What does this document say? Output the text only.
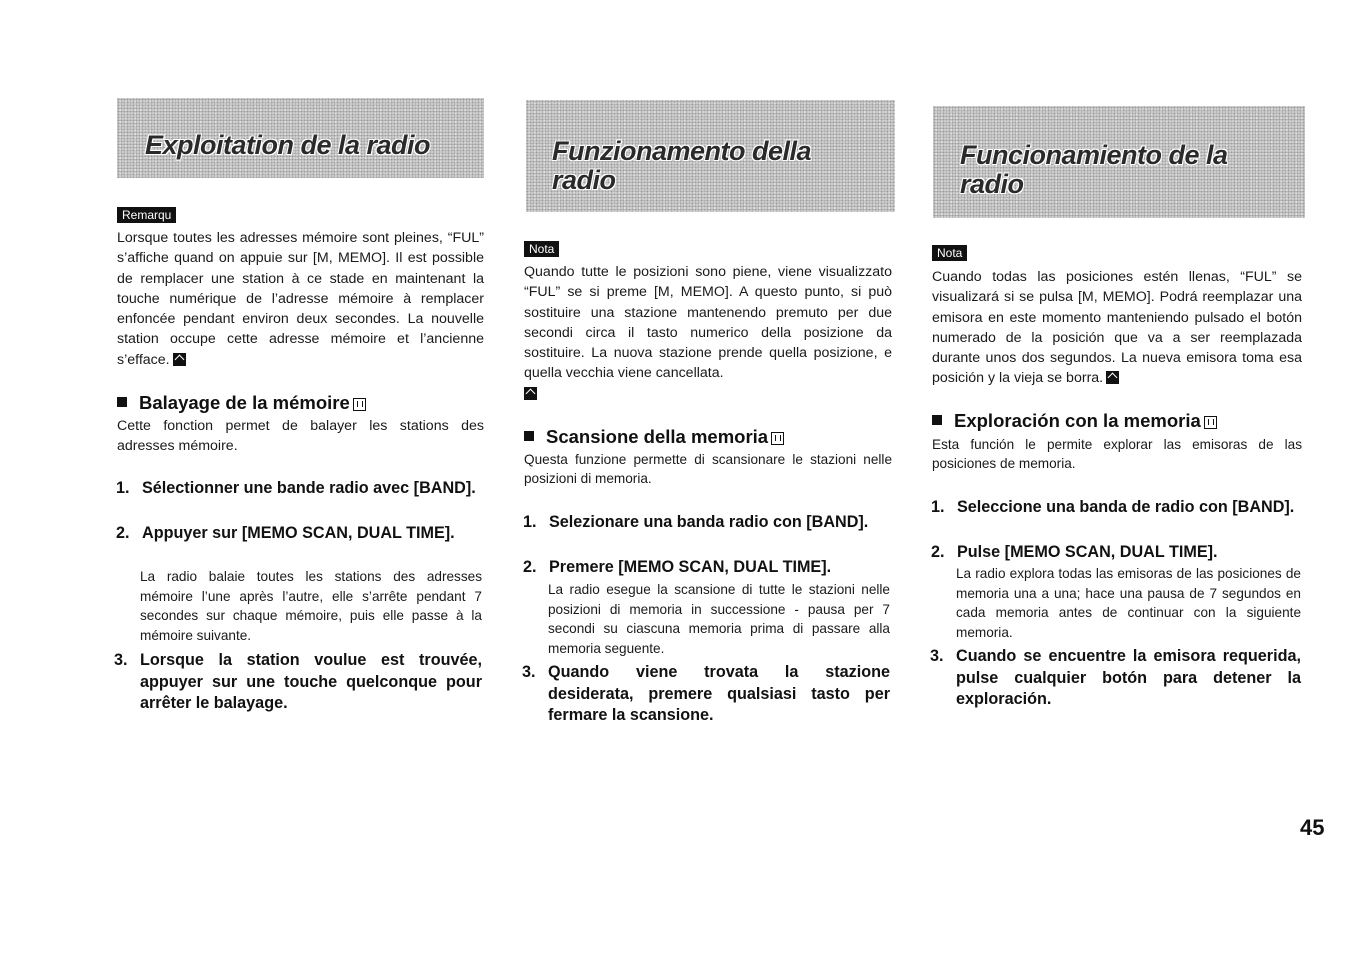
Exploitation de la radio
Remarqu

Lorsque toutes les adresses mémoire sont pleines, “FUL” s’affiche quand on appuie sur [M, MEMO]. Il est possible de remplacer une station à ce stade en maintenant la touche numérique de l’adresse mémoire à remplacer enfoncée pendant environ deux secondes. La nouvelle station occupe cette adresse mémoire et l’ancienne s’efface.

Balayage de la mémoire

Cette fonction permet de balayer les stations des adresses mémoire.

1. Sélectionner une bande radio avec [BAND].

2. Appuyer sur [MEMO SCAN, DUAL TIME].

La radio balaie toutes les stations des adresses mémoire l’une après l’autre, elle s’arrête pendant 7 secondes sur chaque mémoire, puis elle passe à la mémoire suivante.

3. Lorsque la station voulue est trouvée, appuyer sur une touche quelconque pour arrêter le balayage.

Funzionamento della radio
Nota

Quando tutte le posizioni sono piene, viene visualizzato “FUL” se si preme [M, MEMO]. A questo punto, si può sostituire una stazione mantenendo premuto per due secondi circa il tasto numerico della posizione da sostituire. La nuova stazione prende quella posizione, e quella vecchia viene cancellata.

Scansione della memoria

Questa funzione permette di scansionare le stazioni nelle posizioni di memoria.

1. Selezionare una banda radio con [BAND].

2. Premere [MEMO SCAN, DUAL TIME].

La radio esegue la scansione di tutte le stazioni nelle posizioni di memoria in successione - pausa per 7 secondi su ciascuna memoria prima di passare alla memoria seguente.

3. Quando viene trovata la stazione desiderata, premere qualsiasi tasto per fermare la scansione.

Funcionamiento de la radio
Nota

Cuando todas las posiciones estén llenas, “FUL” se visualizará si se pulsa [M, MEMO]. Podrá reemplazar una emisora en este momento manteniendo pulsado el botón numerado de la posición que va a ser reemplazada durante unos dos segundos. La nueva emisora toma esa posición y la vieja se borra.

Exploración con la memoria

Esta función le permite explorar las emisoras de las posiciones de memoria.

1. Seleccione una banda de radio con [BAND].

2. Pulse [MEMO SCAN, DUAL TIME].

La radio explora todas las emisoras de las posiciones de memoria una a una; hace una pausa de 7 segundos en cada memoria antes de continuar con la siguiente memoria.

3. Cuando se encuentre la emisora requerida, pulse cualquier botón para detener la exploración.

45
